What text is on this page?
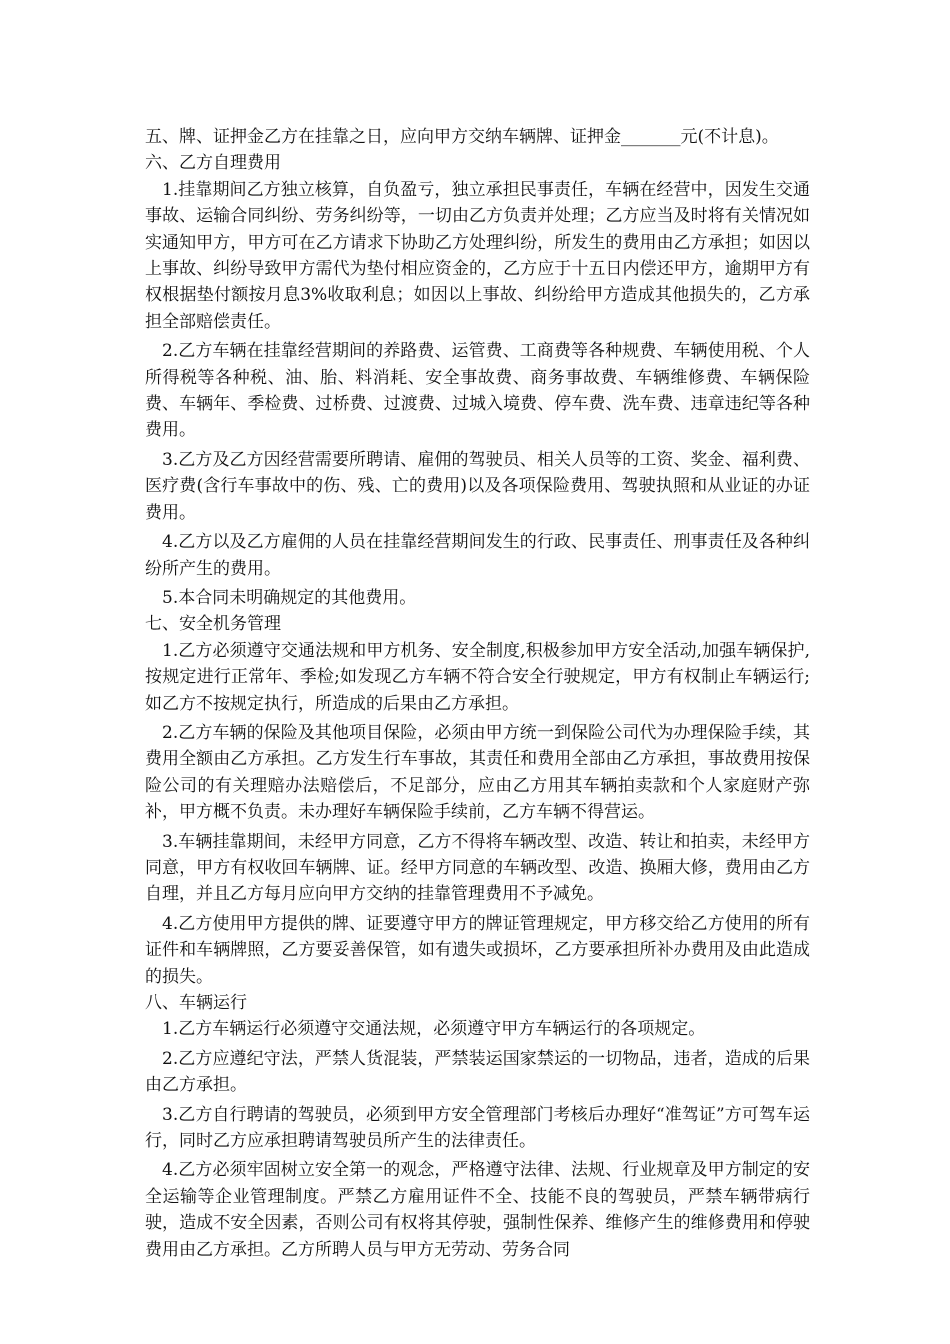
五、牌、证押金乙方在挂靠之日，应向甲方交纳车辆牌、证押金_______元(不计息)。

六、乙方自理费用

1.挂靠期间乙方独立核算，自负盈亏，独立承担民事责任，车辆在经营中，因发生交通事故、运输合同纠纷、劳务纠纷等，一切由乙方负责并处理；乙方应当及时将有关情况如实通知甲方，甲方可在乙方请求下协助乙方处理纠纷，所发生的费用由乙方承担；如因以上事故、纠纷导致甲方需代为垫付相应资金的，乙方应于十五日内偿还甲方，逾期甲方有权根据垫付额按月息3%收取利息；如因以上事故、纠纷给甲方造成其他损失的，乙方承担全部赔偿责任。

2.乙方车辆在挂靠经营期间的养路费、运管费、工商费等各种规费、车辆使用税、个人所得税等各种税、油、胎、料消耗、安全事故费、商务事故费、车辆维修费、车辆保险费、车辆年、季检费、过桥费、过渡费、过城入境费、停车费、洗车费、违章违纪等各种费用。

3.乙方及乙方因经营需要所聘请、雇佣的驾驶员、相关人员等的工资、奖金、福利费、医疗费(含行车事故中的伤、残、亡的费用)以及各项保险费用、驾驶执照和从业证的办证费用。

4.乙方以及乙方雇佣的人员在挂靠经营期间发生的行政、民事责任、刑事责任及各种纠纷所产生的费用。

5.本合同未明确规定的其他费用。

七、安全机务管理

1.乙方必须遵守交通法规和甲方机务、安全制度,积极参加甲方安全活动,加强车辆保护,按规定进行正常年、季检;如发现乙方车辆不符合安全行驶规定，甲方有权制止车辆运行;如乙方不按规定执行，所造成的后果由乙方承担。

2.乙方车辆的保险及其他项目保险，必须由甲方统一到保险公司代为办理保险手续，其费用全额由乙方承担。乙方发生行车事故，其责任和费用全部由乙方承担，事故费用按保险公司的有关理赔办法赔偿后，不足部分，应由乙方用其车辆拍卖款和个人家庭财产弥补，甲方概不负责。未办理好车辆保险手续前，乙方车辆不得营运。

3.车辆挂靠期间，未经甲方同意，乙方不得将车辆改型、改造、转让和拍卖，未经甲方同意，甲方有权收回车辆牌、证。经甲方同意的车辆改型、改造、换厢大修，费用由乙方自理，并且乙方每月应向甲方交纳的挂靠管理费用不予减免。

4.乙方使用甲方提供的牌、证要遵守甲方的牌证管理规定，甲方移交给乙方使用的所有证件和车辆牌照，乙方要妥善保管，如有遗失或损坏，乙方要承担所补办费用及由此造成的损失。

八、车辆运行

1.乙方车辆运行必须遵守交通法规，必须遵守甲方车辆运行的各项规定。

2.乙方应遵纪守法，严禁人货混装，严禁装运国家禁运的一切物品，违者，造成的后果由乙方承担。

3.乙方自行聘请的驾驶员，必须到甲方安全管理部门考核后办理好“准驾证”方可驾车运行，同时乙方应承担聘请驾驶员所产生的法律责任。

4.乙方必须牢固树立安全第一的观念，严格遵守法律、法规、行业规章及甲方制定的安全运输等企业管理制度。严禁乙方雇用证件不全、技能不良的驾驶员，严禁车辆带病行驶，造成不安全因素，否则公司有权将其停驶，强制性保养、维修产生的维修费用和停驶费用由乙方承担。乙方所聘人员与甲方无劳动、劳务合同
